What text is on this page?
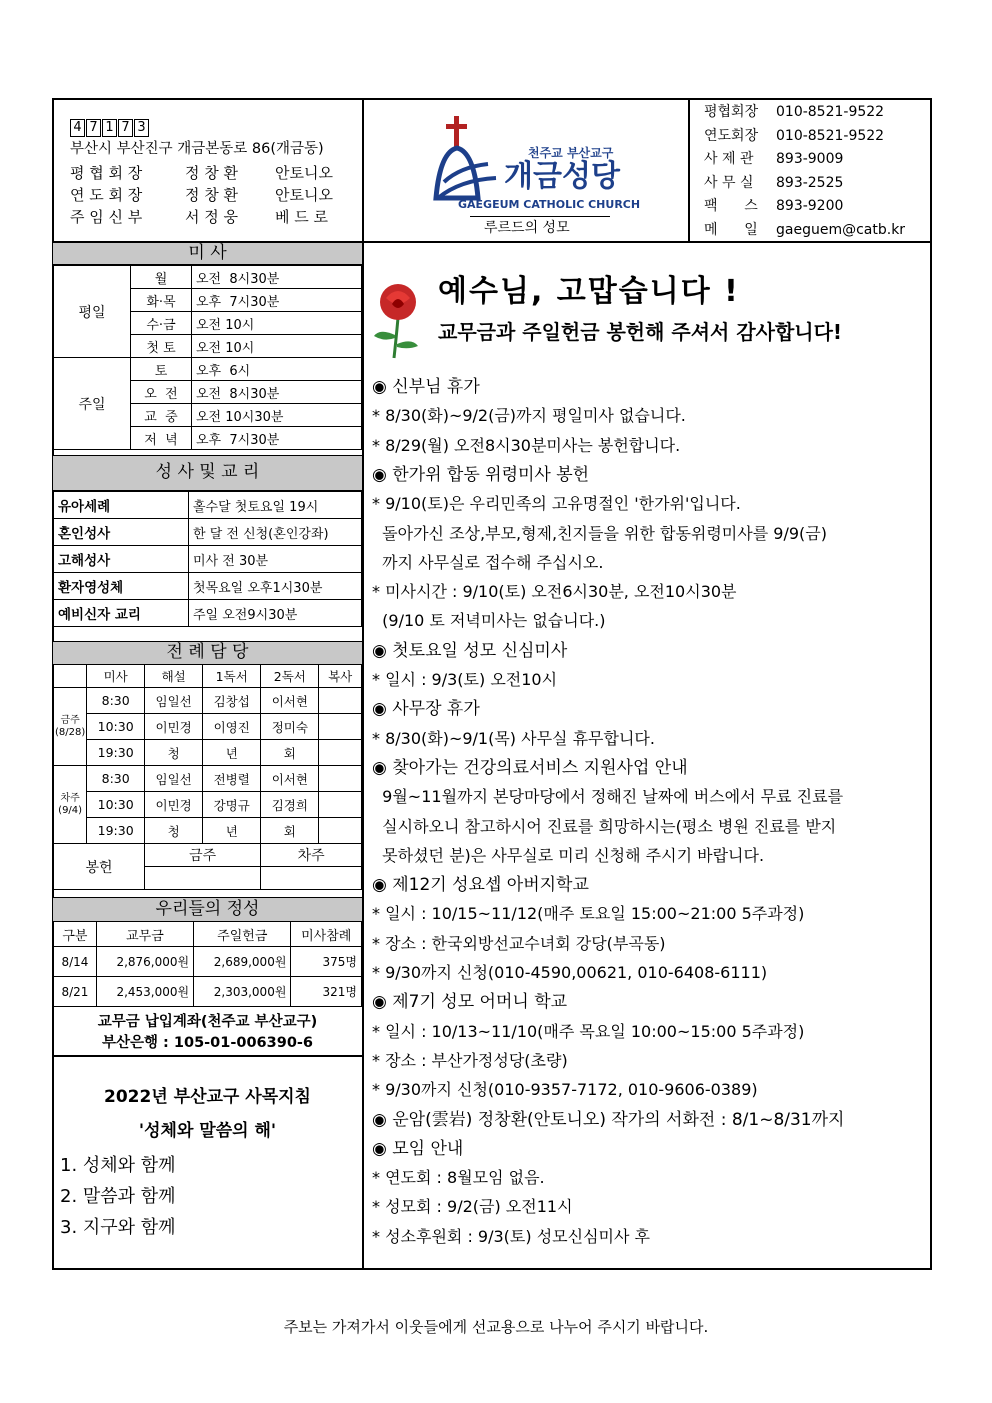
4 7 1 7 3
부산시 부산진구 개금본동로 86(개금동)
평 협 회 장	정 창 환 안토니오
연 도 회 장	정 창 환 안토니오
주 임 신 부	서 정 웅 베 드 로
천주교 부산교구
개금성당
GAEGEUM CATHOLIC CHURCH
루르드의 성모
평협회장 010-8521-9522
연도회장 010-8521-9522
사 제 관 893-9009
사 무 실 893-2525
팩      스 893-9200
메      일 gaeguem@catb.kr
미 사
평일	월	오전  8시30분
	화·목	오후  7시30분
	수·금	오전 10시
	첫 토	오전 10시
주일	토	오후  6시
	오  전	오전  8시30분
	교  중	오전 10시30분
	저  녁	오후  7시30분
성 사 및 교 리
유아세례	홀수달 첫토요일 19시
혼인성사	한 달 전 신청(혼인강좌)
고해성사	미사 전 30분
환자영성체	첫목요일 오후1시30분
예비신자 교리	주일 오전9시30분
전 례 담 당
	미사	해설	1독서	2독서	복사
금주(8/28)	8:30	임일선	김창섭	이서현	
	10:30	이민경	이영진	정미숙	
	19:30	청	년	회	
차주(9/4)	8:30	임일선	전병렬	이서현	
	10:30	이민경	강명규	김경희	
	19:30	청	년	회	
봉헌		금주		차주	

우리들의 정성
구분	교무금	주일헌금	미사참례
8/14	2,876,000원	2,689,000원	375명
8/21	2,453,000원	2,303,000원	321명
교무금 납입계좌(천주교 부산교구)
부산은행 : 105-01-006390-6
2022년 부산교구 사목지침
'성체와 말씀의 해'
1. 성체와 함께
2. 말씀과 함께
3. 지구와 함께
예수님, 고맙습니다 !
교무금과 주일헌금 봉헌해 주셔서 감사합니다!
◉ 신부님 휴가
* 8/30(화)~9/2(금)까지 평일미사 없습니다.
* 8/29(월) 오전8시30분미사는 봉헌합니다.
◉ 한가위 합동 위령미사 봉헌
* 9/10(토)은 우리민족의 고유명절인 '한가위'입니다.
돌아가신 조상,부모,형제,친지들을 위한 합동위령미사를 9/9(금)
까지 사무실로 접수해 주십시오.
* 미사시간 : 9/10(토) 오전6시30분, 오전10시30분
(9/10 토 저녁미사는 없습니다.)
◉ 첫토요일 성모 신심미사
* 일시 : 9/3(토) 오전10시
◉ 사무장 휴가
* 8/30(화)~9/1(목) 사무실 휴무합니다.
◉ 찾아가는 건강의료서비스 지원사업 안내
9월~11월까지 본당마당에서 정해진 날짜에 버스에서 무료 진료를
실시하오니 참고하시어 진료를 희망하시는(평소 병원 진료를 받지
못하셨던 분)은 사무실로 미리 신청해 주시기 바랍니다.
◉ 제12기 성요셉 아버지학교
* 일시 : 10/15~11/12(매주 토요일 15:00~21:00 5주과정)
* 장소 : 한국외방선교수녀회 강당(부곡동)
* 9/30까지 신청(010-4590,00621, 010-6408-6111)
◉ 제7기 성모 어머니 학교
* 일시 : 10/13~11/10(매주 목요일 10:00~15:00 5주과정)
* 장소 : 부산가정성당(초량)
* 9/30까지 신청(010-9357-7172, 010-9606-0389)
◉ 운암(雲岩) 정창환(안토니오) 작가의 서화전 : 8/1~8/31까지
◉ 모임 안내
* 연도회 : 8월모임 없음.
* 성모회 : 9/2(금) 오전11시
* 성소후원회 : 9/3(토) 성모신심미사 후
주보는 가져가서 이웃들에게 선교용으로 나누어 주시기 바랍니다.
